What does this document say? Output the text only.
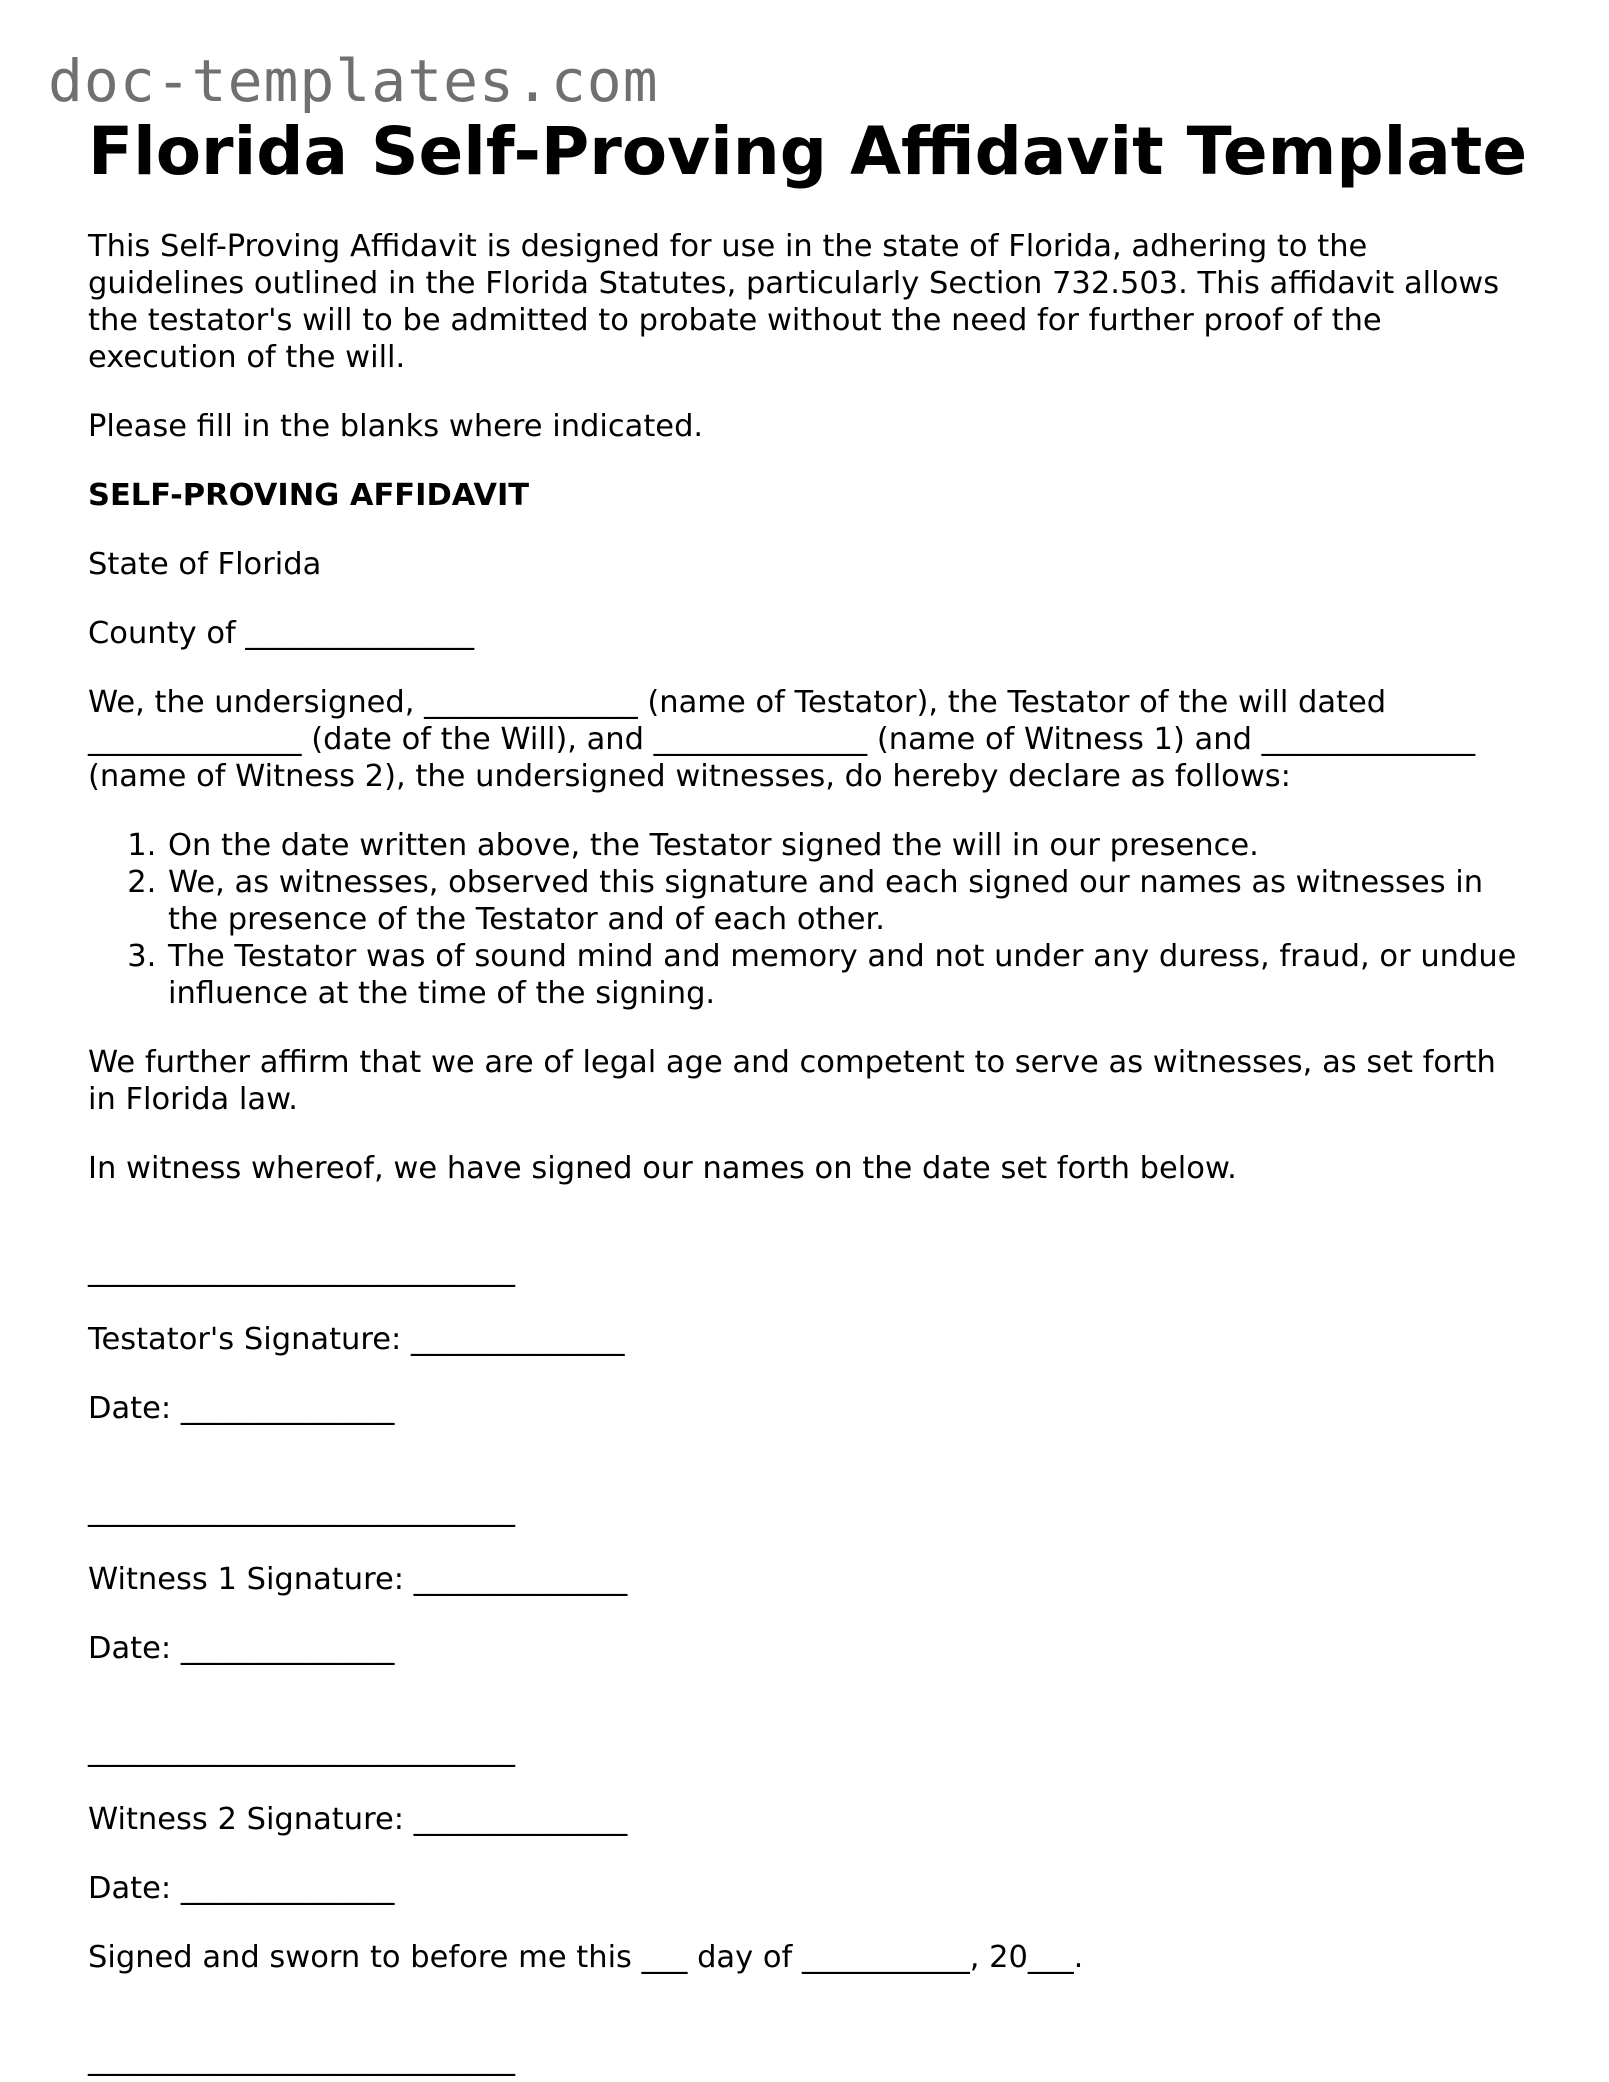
doc-templates.com
Florida Self-Proving Affidavit Template

This Self-Proving Affidavit is designed for use in the state of Florida, adhering to the guidelines outlined in the Florida Statutes, particularly Section 732.503. This affidavit allows the testator's will to be admitted to probate without the need for further proof of the execution of the will.

Please fill in the blanks where indicated.

SELF-PROVING AFFIDAVIT

State of Florida

County of _______________

We, the undersigned, ______________ (name of Testator), the Testator of the will dated ______________ (date of the Will), and ______________ (name of Witness 1) and ______________ (name of Witness 2), the undersigned witnesses, do hereby declare as follows:

1. On the date written above, the Testator signed the will in our presence.
2. We, as witnesses, observed this signature and each signed our names as witnesses in the presence of the Testator and of each other.
3. The Testator was of sound mind and memory and not under any duress, fraud, or undue influence at the time of the signing.

We further affirm that we are of legal age and competent to serve as witnesses, as set forth in Florida law.

In witness whereof, we have signed our names on the date set forth below.

____________________________

Testator's Signature: ______________

Date: ______________

____________________________

Witness 1 Signature: ______________

Date: ______________

____________________________

Witness 2 Signature: ______________

Date: ______________

Signed and sworn to before me this ___ day of ___________, 20___.

____________________________
